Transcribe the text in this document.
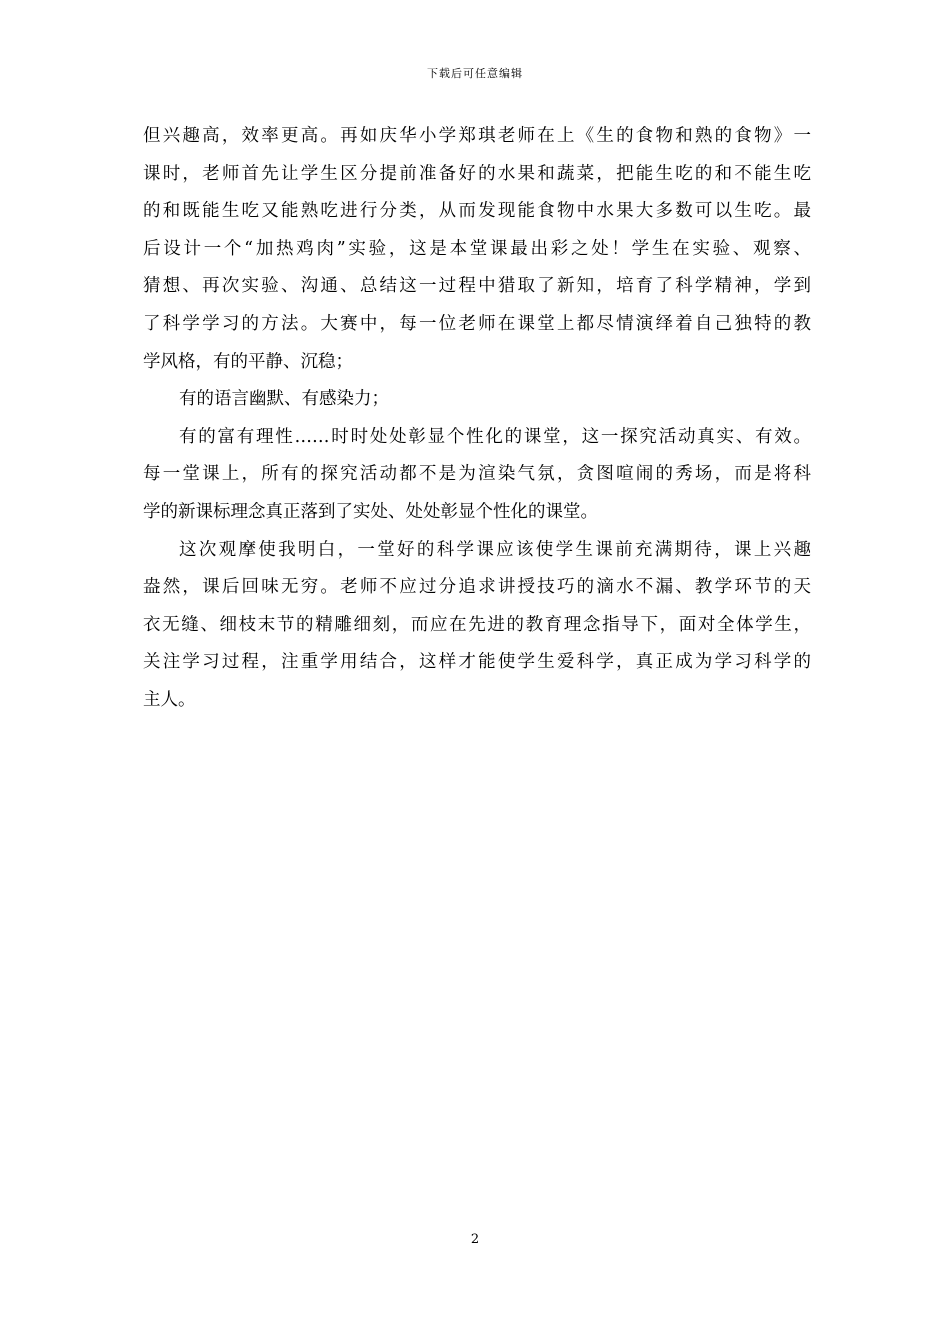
下载后可任意编辑
但兴趣高，效率更高。再如庆华小学郑琪老师在上《生的食物和熟的食物》一
课时，老师首先让学生区分提前准备好的水果和蔬菜，把能生吃的和不能生吃
的和既能生吃又能熟吃进行分类，从而发现能食物中水果大多数可以生吃。最
后设计一个“加热鸡肉”实验，这是本堂课最出彩之处！学生在实验、观察、
猜想、再次实验、沟通、总结这一过程中猎取了新知，培育了科学精神，学到
了科学学习的方法。大赛中，每一位老师在课堂上都尽情演绎着自己独特的教
学风格，有的平静、沉稳；
有的语言幽默、有感染力；
有的富有理性……时时处处彰显个性化的课堂，这一探究活动真实、有效。
每一堂课上，所有的探究活动都不是为渲染气氛，贪图喧闹的秀场，而是将科
学的新课标理念真正落到了实处、处处彰显个性化的课堂。
这次观摩使我明白，一堂好的科学课应该使学生课前充满期待，课上兴趣
盎然，课后回味无穷。老师不应过分追求讲授技巧的滴水不漏、教学环节的天
衣无缝、细枝末节的精雕细刻，而应在先进的教育理念指导下，面对全体学生，
关注学习过程，注重学用结合，这样才能使学生爱科学，真正成为学习科学的
主人。
2
